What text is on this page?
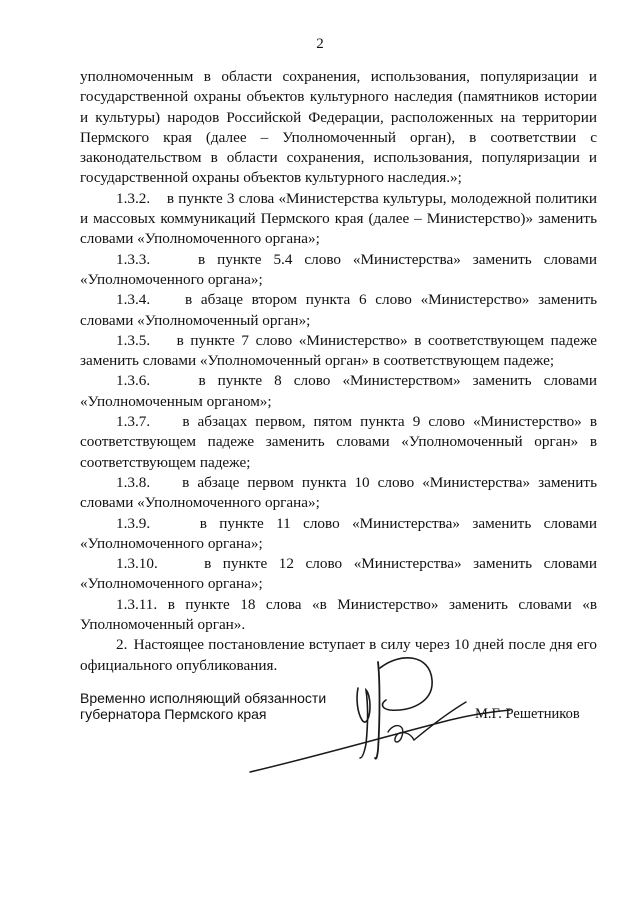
2

уполномоченным в области сохранения, использования, популяризации и государственной охраны объектов культурного наследия (памятников истории и культуры) народов Российской Федерации, расположенных на территории Пермского края (далее – Уполномоченный орган), в соответствии с законодательством в области сохранения, использования, популяризации и государственной охраны объектов культурного наследия.»;

1.3.2. в пункте 3 слова «Министерства культуры, молодежной политики и массовых коммуникаций Пермского края (далее – Министерство)» заменить словами «Уполномоченного органа»;

1.3.3.	в пункте 5.4 слово «Министерства» заменить словами «Уполномоченного органа»;

1.3.4. в абзаце втором пункта 6 слово «Министерство» заменить словами «Уполномоченный орган»;

1.3.5. в пункте 7 слово «Министерство» в соответствующем падеже заменить словами «Уполномоченный орган» в соответствующем падеже;

1.3.6.	в пункте 8 слово «Министерством» заменить словами «Уполномоченным органом»;

1.3.7. в абзацах первом, пятом пункта 9 слово «Министерство» в соответствующем падеже заменить словами «Уполномоченный орган» в соответствующем падеже;

1.3.8. в абзаце первом пункта 10 слово «Министерства» заменить словами «Уполномоченного органа»;

1.3.9.	в пункте 11 слово «Министерства» заменить словами «Уполномоченного органа»;

1.3.10.	в пункте 12 слово «Министерства» заменить словами «Уполномоченного органа»;

1.3.11. в пункте 18 слова «в Министерство» заменить словами «в Уполномоченный орган».

2. Настоящее постановление вступает в силу через 10 дней после дня его официального опубликования.

Временно исполняющий обязанности
губернатора Пермского края	М.Г. Решетников
